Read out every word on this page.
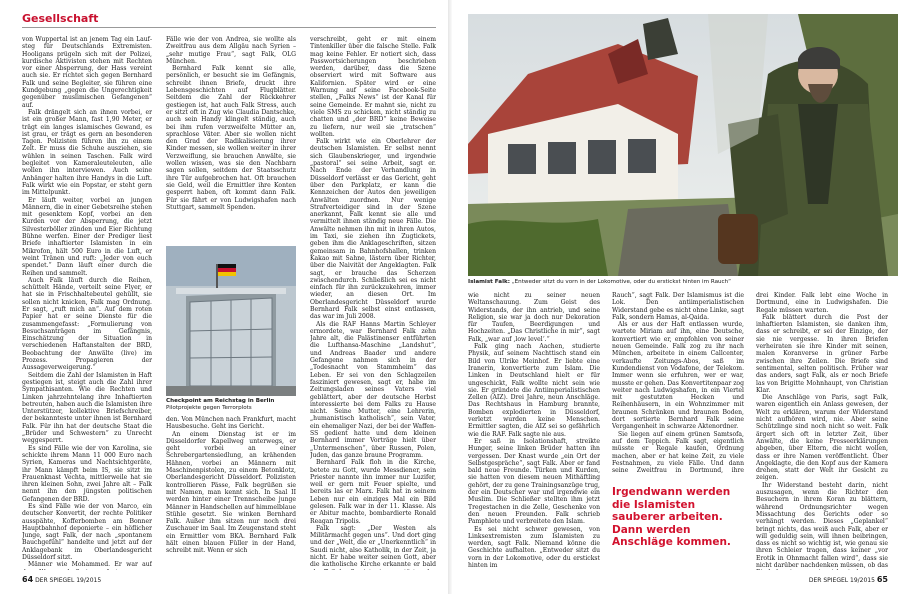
Gesellschaft

von Wuppertal ist an jenem Tag ein Laufsteg für Deutschlands Extremisten. Hooligans prügeln sich mit der Polizei, kurdische Aktivisten stehen mit Rechten vor einer Absperrung, der Hass vereint auch sie. Er richtet sich gegen Bernhard Falk und seine Begleiter, sie führen eine Kundgebung „gegen die Ungerechtigkeit gegenüber muslimischen Gefangenen“ auf.

Falk drängelt sich an ihnen vorbei, er ist ein großer Mann, fast 1,90 Meter, er trägt ein langes islamisches Gewand, es ist grau, er trägt es gern an besonderen Tagen. Polizisten führen ihn zu einem Zelt. Er muss die Schuhe ausziehen, sie wühlen in seinen Taschen. Falk wird begleitet von Kameraleuteleuten, alle wollen ihn interviewen. Auch seine Anhänger halten ihre Handys in die Luft. Falk wirkt wie ein Popstar, er steht gern im Mittelpunkt.

Er läuft weiter, vorbei an jungen Männern, die in einer Gebetsreihe stehen mit gesenktem Kopf, vorbei an den Kurden vor der Absperrung, die jetzt Silvesterböller zünden und Eier Richtung Bühne werfen. Einer der Prediger liest Briefe inhaftierter Islamisten in ein Mikrofon, hält 500 Euro in die Luft, er weint Tränen und ruft: „Jeder von euch spendet.“ Dann läuft einer durch die Reihen und sammelt.

Auch Falk läuft durch die Reihen, schüttelt Hände, verteilt seine Flyer, er hat sie in Frischhaltebeutel gehüllt, sie sollen nicht knicken, Falk mag Ordnung. Er sagt, „ruft mich an“. Auf dem roten Papier hat er seine Dienste für die zusammengefasst: „Formulierung von Besuchsanträgen im Gefängnis, Einschätzung der Situation in verschiedenen Haftanstalten der BRD, Beobachtung der Anwälte (live) im Prozess. Propagieren der Aussageverweigerung.“

Seitdem die Zahl der Islamisten in Haft gestiegen ist, steigt auch die Zahl ihrer Sympathisanten. Wie die Rechten und Linken jahrzehntelang ihre Inhaftierten betreuten, haben auch die Islamisten ihre Unterstützer, kollektive Briefschreiber, der bekannteste unter ihnen ist Bernhard Falk. Für ihn hat der deutsche Staat die „Brüder und Schwestern“ zu Unrecht weggesperrt.

Es sind Fälle wie der von Karolina, sie schickte ihrem Mann 11 000 Euro nach Syrien, Kameras und Nachtsichtgeräte, ihr Mann kämpft beim IS, sie sitzt im Frauenknast Vechta, mittlerweile hat sie ihren kleinen Sohn, zwei Jahre alt – Falk nennt ihn den jüngsten politischen Gefangenen der BRD.

Es sind Fälle wie der von Marco, ein deutscher Konvertit, der rechte Politiker ausspähte, Kofferbomben am Bonner Hauptbahnhof deponierte – ein höflicher Junge, sagt Falk, der nach „spontanem Bauchgefühl“ handelte und jetzt auf der Anklagebank im Oberlandesgericht Düsseldorf sitzt.

Männer wie Mohammed. Er war auf

Fälle wie der von Andrea, sie wollte als Zweitfrau aus dem Allgäu nach Syrien – „sehr mutige Frau“, sagt Falk, OLG München.

Bernhard Falk kennt sie alle, persönlich, er besucht sie im Gefängnis, schreibt ihnen Briefe, druckt ihre Lebensgeschichten auf Flugblätter. Seitdem die Zahl der Rückkehrer gestiegen ist, hat auch Falk Stress, auch er sitzt oft in Zug wie Claudia Dantschke, auch sein Handy klingelt ständig, auch bei ihm rufen verzweifelte Mütter an, sprachlose Väter. Aber sie wollen nicht den Grad der Radikalisierung ihrer Kinder messen, sie wollen weiter in ihrer Verzweiflung, sie brauchen Anwälte, sie wollen wissen, was sie den Nachbarn sagen sollen, seitdem der Staatsschutz ihre Tür aufgebrochen hat. Oft brauchen sie Geld, weil die Ermittler ihre Konten gesperrt haben, oft kommt dann Falk. Für sie fährt er von Ludwigshafen nach Stuttgart, sammelt Spenden.

Checkpoint am Reichstag in Berlin
Pilotprojekte gegen Terrorplots

den. Von München nach Frankfurt, macht Hausbesuche. Geht ins Gericht.

An einem Dienstag ist er im Düsseldorfer Kapellweg unterwegs, er geht vorbei an einer Schrebergartensiedlung, an krähenden Hähnen, vorbei an Männern mit Maschinenpistolen, zu einem Betonklotz, Oberlandesgericht Düsseldorf. Polizisten kontrollieren Pässe, Falk begrüßen sie mit Namen, man kennt sich. In Saal II werden hinter einer Trennscheibe junge Männer in Handschellen auf himmelblaue Stühle gesetzt. Sie winken Bernhard Falk. Außer ihm sitzen nur noch drei Zuschauer im Saal. Im Zeugenstand steht ein Ermittler vom BKA. Bernhard Falk hält einen blauen Füller in der Hand, schreibt mit. Wenn er sich

verschreibt, geht er mit einem Tintenkiller über die falsche Stelle. Falk mag keine Fehler. Er notiert sich, dass Passwortsicherungen beschrieben werden, darüber, dass die Szene observiert wird mit Software aus Kalifornien. Später wird er eine Warnung auf seine Facebook-Seite stellen, „Falks News“ ist der Kanal für seine Gemeinde. Er mahnt sie, nicht zu viele SMS zu schicken, nicht ständig zu chatten und „der BRD“ keine Beweise zu liefern, nur weil sie „tratschen“ wollten.

Falk wirkt wie ein Oberlehrer der deutschen Islamisten. Er selbst nennt sich Glaubenskrieger, und irgendwie „pastoral“ sei seine Arbeit, sagt er. Nach Ende der Verhandlung in Düsseldorf verlässt er das Gericht, geht über den Parkplatz, er kann die Kennzeichen der Autos den jeweiligen Anwälten zuordnen. Nur wenige Strafverteidiger sind in der Szene anerkannt, Falk kennt sie alle und vermittelt ihnen ständig neue Fälle. Die Anwälte nehmen ihn mit in ihren Autos, im Taxi, sie ziehen ihn Zugtickets, geben ihm die Anklageschriften, sitzen gemeinsam in Bahnhofshallen, trinken Kakao mit Sahne, lästern über Richter, über die Naivität der Angeklagten. Falk sagt, er brauche das Scherzen zwischendurch. Schließlich sei es nicht einfach für ihn zurückzukehren, immer wieder, an diesen Ort. Im Oberlandesgericht Düsseldorf wurde Bernhard Falk selbst einst entlassen, das war im Juli 2008.

Als die RAF Hanns Martin Schleyer ermordete, war Bernhard Falk zehn Jahre alt, die Palästinenser entführten die Lufthansa-Maschine „Landshut“, und Andreas Baader und andere Gefangene nahmen sich in der „Todesnacht von Stammheim“ das Leben. Er sei von den Schlagzeilen fasziniert gewesen, sagt er, habe im Zeitungsladen seines Vaters viel geblättert, aber der deutsche Herbst interessierte bei dem Falks zu Hause nicht. Seine Mutter, eine Lehrerin, „humanistisch katholisch“, sein Vater, ein ehemaliger Nazi, der bei der Waffen-SS gedient hatte und dem kleinen Bernhard immer Vorträge hielt über „Untermenschen“, über Russen, Polen, Juden, das ganze braune Programm.

Bernhard Falk floh in die Kirche, betete zu Gott, wurde Messdiener, sein Priester nannte ihn immer nur Luzifer, weil er gern mit Feuer spielte, und bereits las er Marx. Falk hat in seinem Leben nur ein einziges Mal ein Bild gelesen. Falk war in der 11. Klasse. Als er Abitur machte, bombardierte Ronald Reagan Tripolis.

Falk sagt: „Der Westen als Militärmacht gegen uns“. Und dort ging und der „Welt, die er „Unerkenntlich“ in Saudi nicht, also Katholik, in der Zeit, ja nicht. Er habe weiter seinen Gott, aber die katholische Kirche erkannte er bald

64 DER SPIEGEL 19/2015
Islamist Falk: „Entweder sitzt du vorn in der Lokomotive, oder du erstickst hinten im Rauch“

wie nicht zu seiner neuen Weltanschauung. Zum Geist des Widerstands, der ihn antrieb, und seine Religion, sie war ja doch nur Dekoration für Taufen, Beerdigungen und Hochzeiten. „Das Christliche in mir“, sagt Falk, „war auf ‚low level‘.“

Falk ging nach Aachen, studierte Physik, auf seinem Nachttisch stand ein Bild von Ulrike Meinhof. Er liebte eine Iranerin, konvertierte zum Islam. Die Linken in Deutschland hielt er für ungeschickt, Falk wollte nicht sein wie sie. Er gründete die Antiimperialistischen Zellen (AIZ). Drei Jahre, neun Anschläge. Das Rechtshaus in Hamburg brannte, Bomben explodierten in Düsseldorf, verletzt wurden keine Menschen. Ermittler sagten, die AIZ sei so gefährlich wie die RAF. Falk sagte nie aus.

Er saß in Isolationshaft, streikte Hunger, seine linken Brüder hatten ihn vergessen. Der Knast wurde „ein Ort der Selbstgespräche“, sagt Falk. Aber er fand bald neue Freunde. Türken und Kurden, sie hatten von diesem neuen Mithäftling gehört, der zu gene Trainingsanzüge trug, der ein Deutscher war und irgendwie ein Muslim. Die Schließer stellten ihm jetzt Tregestachen in die Zelle, Geschenke von den neuen Freunden. Falk schrieb Pamphlete und verbreitete den Islam.

Es sei nicht schwer gewesen, von Linksextremisten zum Islamisten zu werden, sagt Falk. Niemand könne die Geschichte aufhalten. „Entweder sitzt du vorn in der Lokomotive, oder du erstickst hinten im

Rauch“, sagt Falk. Der Islamismus ist die Lok. Den antiimperialistischen Widerstand gebe es nicht ohne Linke, sagt Falk, sondern Hamas, al-Qaida.

Als er aus der Haft entlassen wurde, wartete Miriam auf ihn, eine Deutsche, konvertiert wie er, empfohlen von seiner neuen Gemeinde. Falk zog zu ihr nach München, arbeitete in einem Callcenter, verkaufte Zeitungs-Abos, saß im Kundendienst von Vodafone, der Telekom. Immer wenn sie erfuhren, wer er war, musste er gehen. Das Konvertitenpaar zog weiter nach Ludwigshafen, in ein Viertel mit gestutzten Hecken und Reihenhäusern, in ein Wohnzimmer mit braunen Schränken und braunen Boden, dort sortierte Bernhard Falk seine Vergangenheit in schwarze Aktenordner.

Sie liegen auf einem grünen Samtsofa, auf dem Teppich. Falk sagt, eigentlich müsste er Regale kaufen, Ordnung machen, aber er hat keine Zeit, zu viele Festnahmen, zu viele Fälle. Und dann seine Zweitfrau in Dortmund, ihre

Irgendwann werden die Islamisten sauberer arbeiten. Dann werden Anschläge kommen.

drei Kinder. Falk lebt eine Woche in Dortmund, eine in Ludwigshafen. Die Regale müssen warten.

Falk blättert durch die Post der inhaftierten Islamisten, sie danken ihm, dass er schreibt, er sei der Einzige, der sie nie vergesse. In ihren Briefen verheiraten sie ihre Kinder mit seinen, malen Koranverse in grüner Farbe zwischen ihre Zeilen. Die Briefe sind sentimental, selten politisch. Früher war das anders, sagt Falk, als er noch Briefe las von Brigitte Mohnhaupt, von Christian Klar.

Die Anschläge von Paris, sagt Falk, waren eigentlich ein Anlass gewesen, der Welt zu erklären, warum der Widerstand nicht aufhören wird, nie. Aber seine Schützlinge sind noch nicht so weit. Falk ärgert sich oft in letzter Zeit, über Anwälte, die keine Presseerklärungen abgeben, über Eltern, die nicht wollen, dass er ihre Namen veröffentlicht. Über Angeklagte, die den Kopf aus der Kamera drehen, statt der Welt ihr Gesicht zu zeigen.

Ihr Widerstand besteht darin, nicht auszusagen, wenn die Richter den Besuchern in ihrem Koran zu blättern, während Ordnungsrichter wegen Missachtung des Gerichts oder so verhängt werden. Dieses „Geplankel“ bringt nichts, das weiß auch Falk, aber er will geduldig sein, will ihnen beibringen, dass es nicht so wichtig ist, wie genau sie ihren Schleier tragen, dass keiner „vor Erotik in Ohnmacht fallen wird“, dass sie nicht darüber nachdenken müssen, ob das

DER SPIEGEL 19/2015 65
